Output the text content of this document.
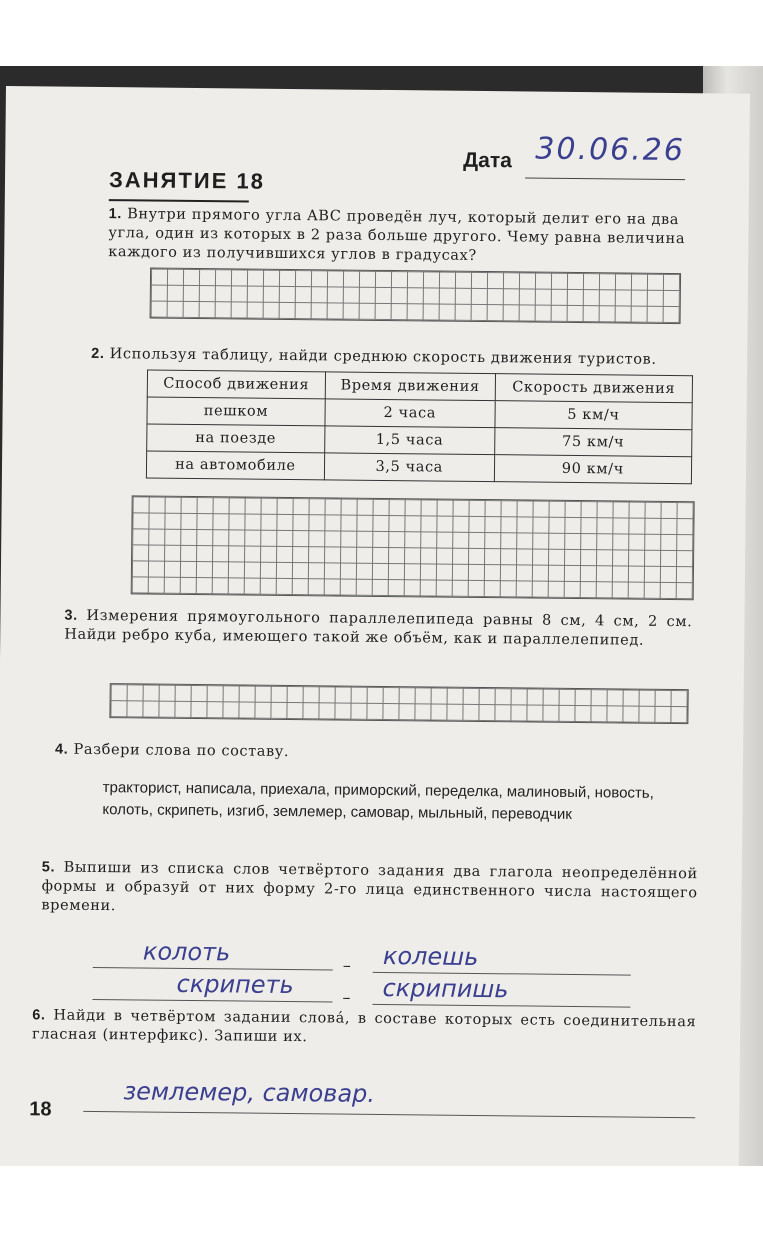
Дата 30.06.26
ЗАНЯТИЕ 18
1. Внутри прямого угла ABC проведён луч, который делит его на два угла, один из которых в 2 раза больше другого. Чему равна величина каждого из получившихся углов в градусах?
2. Используя таблицу, найди среднюю скорость движения туристов.
Способ движения	Время движения	Скорость движения
пешком	2 часа	5 км/ч
на поезде	1,5 часа	75 км/ч
на автомобиле	3,5 часа	90 км/ч
3. Измерения прямоугольного параллелепипеда равны 8 см, 4 см, 2 см. Найди ребро куба, имеющего такой же объём, как и параллелепипед.
4. Разбери слова по составу.
тракторист, написала, приехала, приморский, переделка, малиновый, новость, колоть, скрипеть, изгиб, землемер, самовар, мыльный, переводчик
5. Выпиши из списка слов четвёртого задания два глагола неопределённой формы и образуй от них форму 2-го лица единственного числа настоящего времени.
колоть	– колешь
скрипеть	– скрипишь
6. Найди в четвёртом задании слова́, в составе которых есть соединительная гласная (интерфикс). Запиши их.
землемер, самовар.
18
